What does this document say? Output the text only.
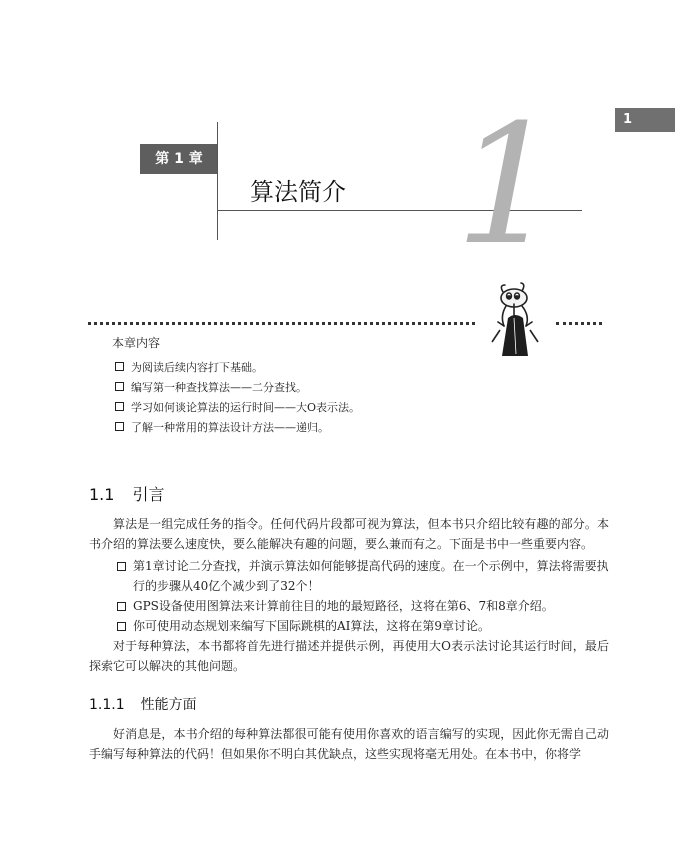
1
第 1 章
算法简介 1
本章内容
为阅读后续内容打下基础。
编写第一种查找算法——二分查找。
学习如何谈论算法的运行时间——大O表示法。
了解一种常用的算法设计方法——递归。
1.1 引言

算法是一组完成任务的指令。任何代码片段都可视为算法，但本书只介绍比较有趣的部分。本书介绍的算法要么速度快，要么能解决有趣的问题，要么兼而有之。下面是书中一些重要内容。

第1章讨论二分查找，并演示算法如何能够提高代码的速度。在一个示例中，算法将需要执行的步骤从40亿个减少到了32个！
GPS设备使用图算法来计算前往目的地的最短路径，这将在第6、7和8章介绍。
你可使用动态规划来编写下国际跳棋的AI算法，这将在第9章讨论。

对于每种算法，本书都将首先进行描述并提供示例，再使用大O表示法讨论其运行时间，最后探索它可以解决的其他问题。

1.1.1 性能方面

好消息是，本书介绍的每种算法都很可能有使用你喜欢的语言编写的实现，因此你无需自己动手编写每种算法的代码！但如果你不明白其优缺点，这些实现将毫无用处。在本书中，你将学
